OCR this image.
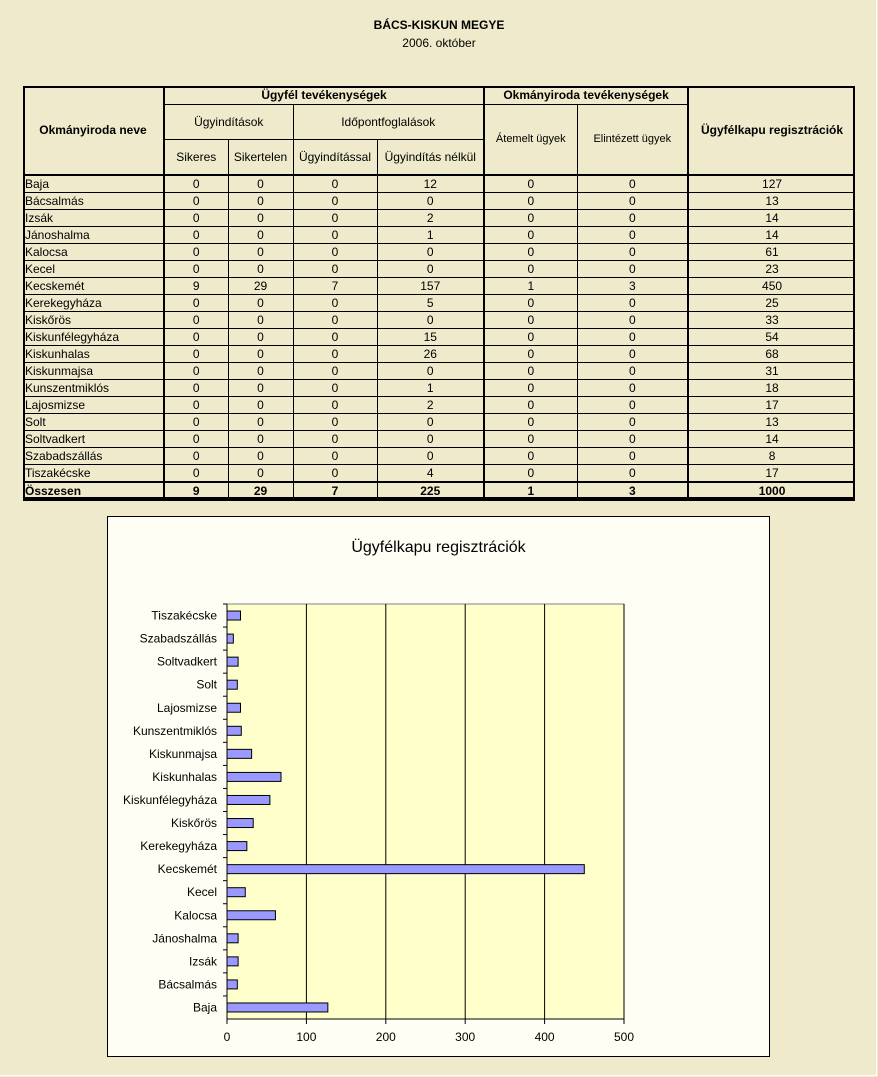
BÁCS-KISKUN MEGYE
2006. október
Okmányiroda neve	Ügyfél tevékenységek				Okmányiroda tevékenységek		Ügyfélkapu regisztrációk
	Ügyindítások		Időpontfoglalások		Átemelt ügyek	Elintézett ügyek	
	Sikeres	Sikertelen	Ügyindítással	Ügyindítás nélkül			
Baja	0	0	0	12	0	0	127
Bácsalmás	0	0	0	0	0	0	13
Izsák	0	0	0	2	0	0	14
Jánoshalma	0	0	0	1	0	0	14
Kalocsa	0	0	0	0	0	0	61
Kecel	0	0	0	0	0	0	23
Kecskemét	9	29	7	157	1	3	450
Kerekegyháza	0	0	0	5	0	0	25
Kiskőrös	0	0	0	0	0	0	33
Kiskunfélegyháza	0	0	0	15	0	0	54
Kiskunhalas	0	0	0	26	0	0	68
Kiskunmajsa	0	0	0	0	0	0	31
Kunszentmiklós	0	0	0	1	0	0	18
Lajosmizse	0	0	0	2	0	0	17
Solt	0	0	0	0	0	0	13
Soltvadkert	0	0	0	0	0	0	14
Szabadszállás	0	0	0	0	0	0	8
Tiszakécske	0	0	0	4	0	0	17
Összesen	9	29	7	225	1	3	1000
Ügyfélkapu regisztrációk
0	100	200	300	400	500
Baja
Bácsalmás
Izsák
Jánoshalma
Kalocsa
Kecel
Kecskemét
Kerekegyháza
Kiskőrös
Kiskunfélegyháza
Kiskunhalas
Kiskunmajsa
Kunszentmiklós
Lajosmizse
Solt
Soltvadkert
Szabadszállás
Tiszakécske
